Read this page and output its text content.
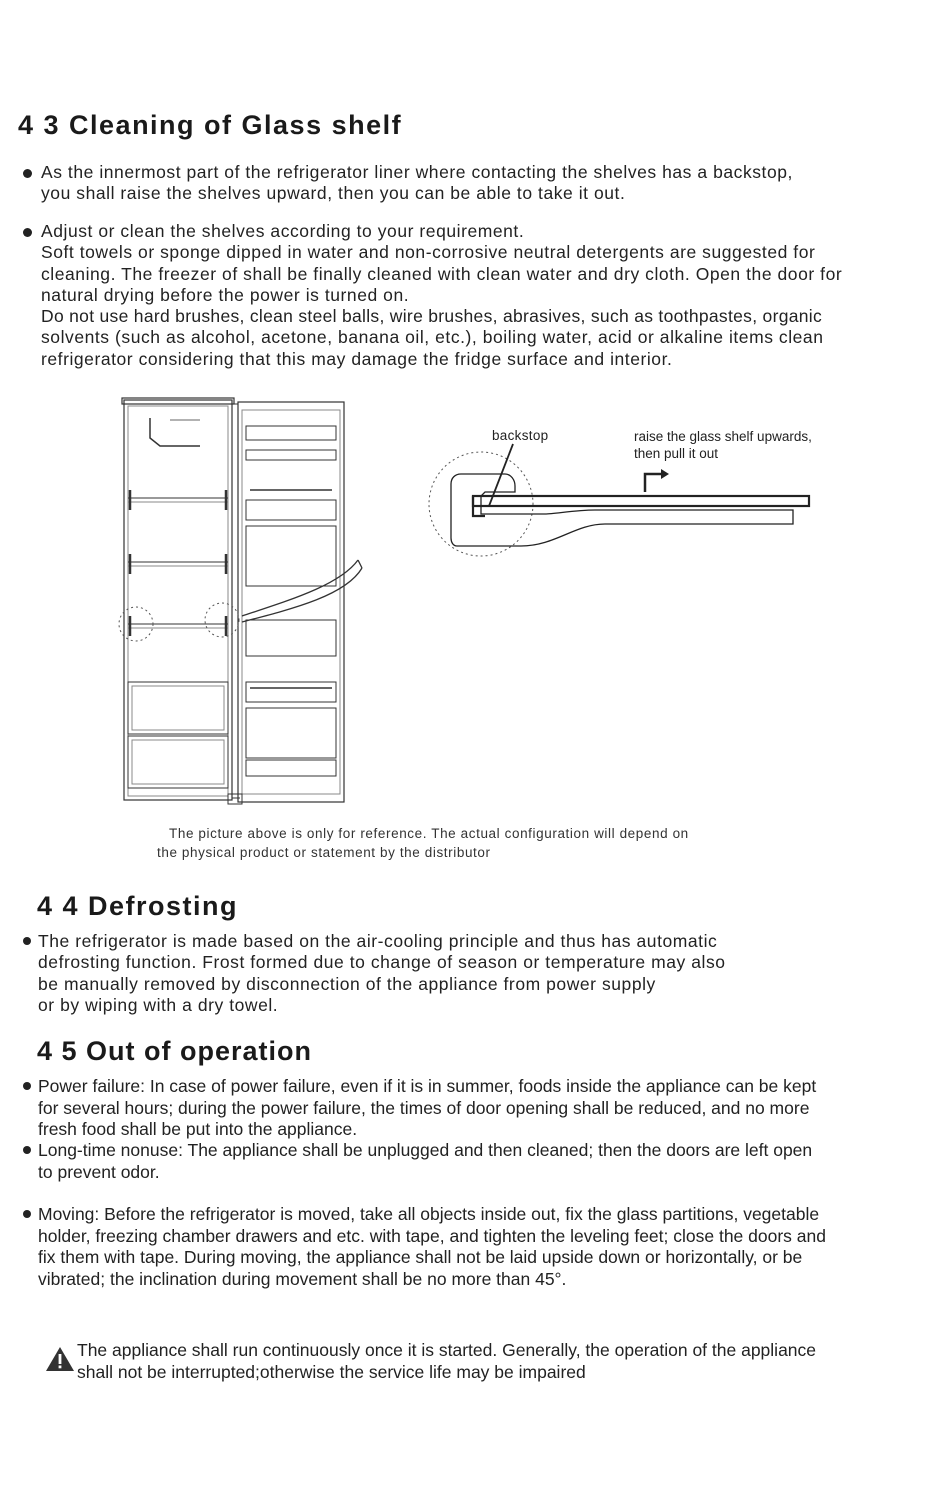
4 3 Cleaning of Glass shelf
As the innermost part of the refrigerator liner where contacting the shelves has a backstop,
you shall raise the shelves upward, then you can be able to take it out.
Adjust or clean the shelves according to your requirement.
Soft towels or sponge dipped in water and non-corrosive neutral detergents are suggested for
cleaning. The freezer of shall be finally cleaned with clean water and dry cloth. Open the door for
natural drying before the power is turned on.
Do not use hard brushes, clean steel balls, wire brushes, abrasives, such as toothpastes, organic
solvents (such as alcohol, acetone, banana oil, etc.), boiling water, acid or alkaline items clean
refrigerator considering that this may damage the fridge surface and interior.
backstop	raise the glass shelf upwards,
then pull it out
The picture above is only for reference. The actual configuration will depend on
the physical product or statement by the distributor
4 4 Defrosting
The refrigerator is made based on the air-cooling principle and thus has automatic
defrosting function. Frost formed due to change of season or temperature may also
be manually removed by disconnection of the appliance from power supply
or by wiping with a dry towel.
4 5 Out of operation
Power failure: In case of power failure, even if it is in summer, foods inside the appliance can be kept
for several hours; during the power failure, the times of door opening shall be reduced, and no more
fresh food shall be put into the appliance.
Long-time nonuse: The appliance shall be unplugged and then cleaned; then the doors are left open
to prevent odor.
Moving: Before the refrigerator is moved, take all objects inside out, fix the glass partitions, vegetable
holder, freezing chamber drawers and etc. with tape, and tighten the leveling feet; close the doors and
fix them with tape. During moving, the appliance shall not be laid upside down or horizontally, or be
vibrated; the inclination during movement shall be no more than 45°.
The appliance shall run continuously once it is started. Generally, the operation of the appliance
shall not be interrupted;otherwise the service life may be impaired
